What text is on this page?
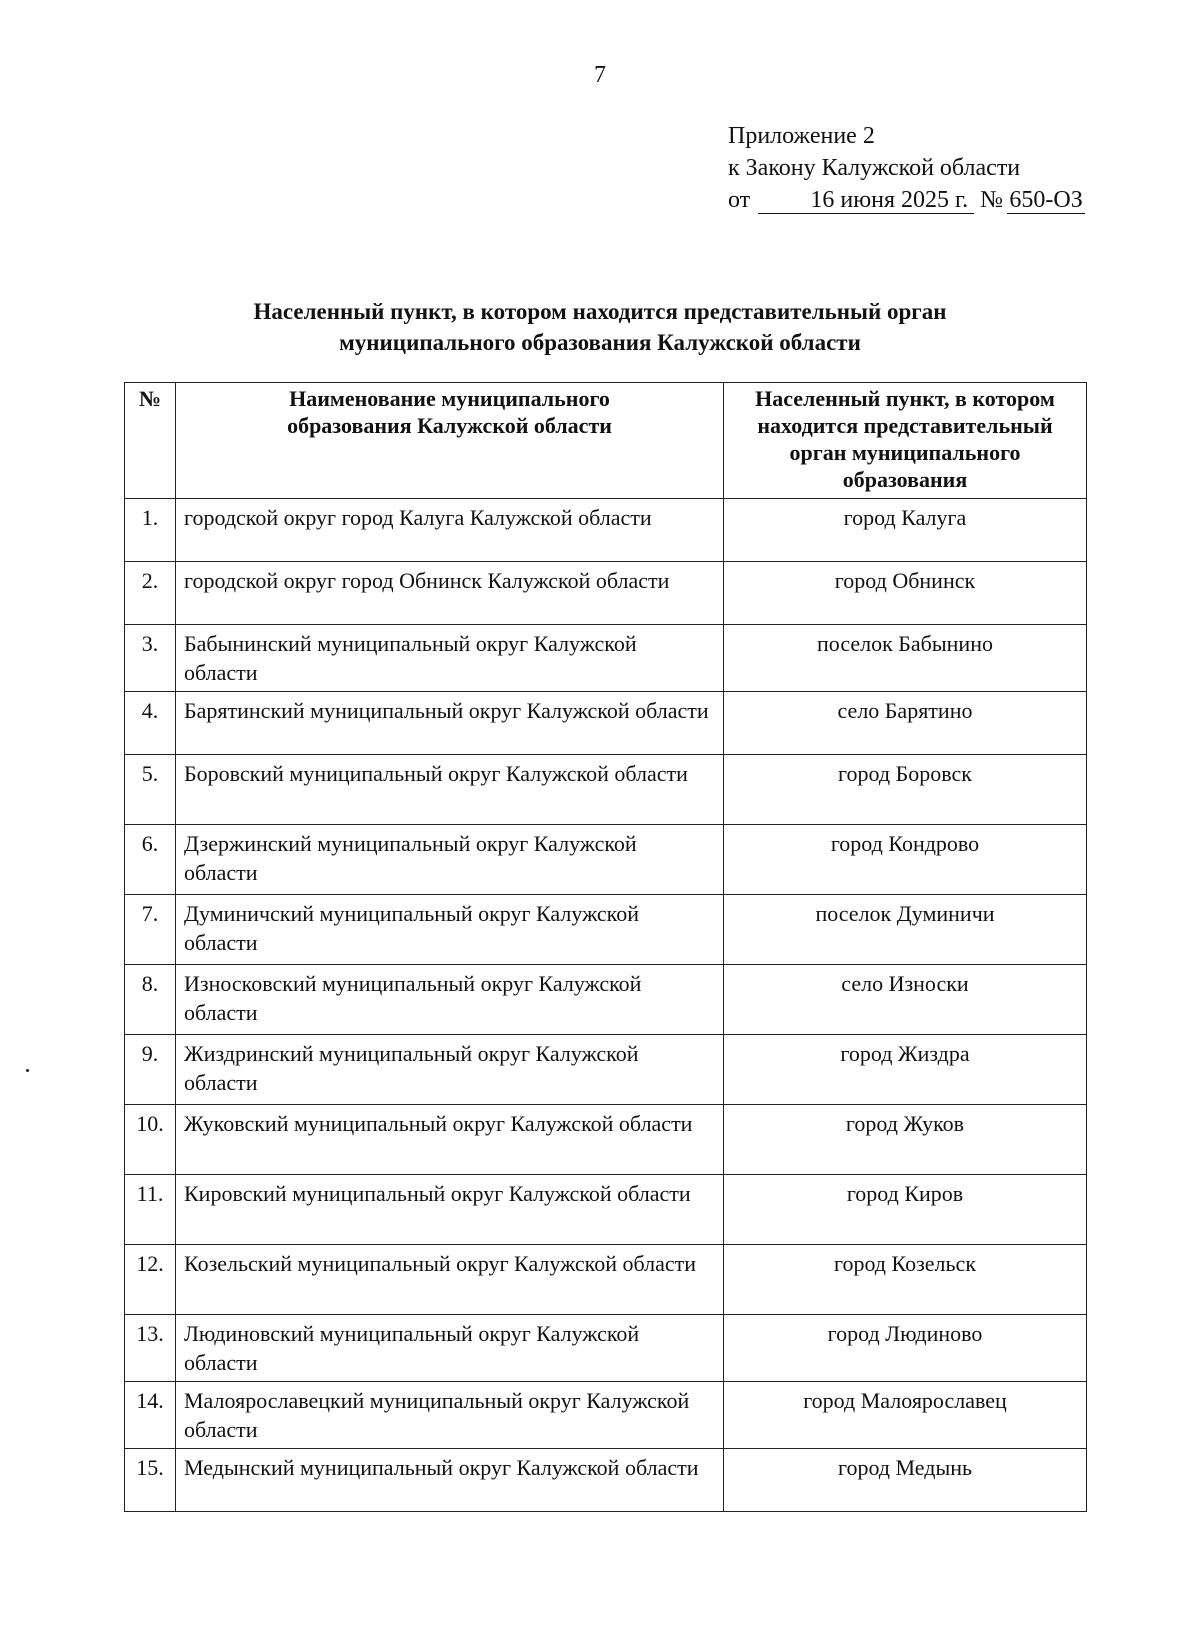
7
Приложение 2
к Закону Калужской области
от	16 июня 2025 г. № 650-ОЗ
Населенный пункт, в котором находится представительный орган
муниципального образования Калужской области
№	Наименование муниципального образования Калужской области	Населенный пункт, в котором находится представительный орган муниципального образования
1.	городской округ город Калуга Калужской области	город Калуга
2.	городской округ город Обнинск Калужской области	город Обнинск
3.	Бабынинский муниципальный округ Калужской области	поселок Бабынино
4.	Барятинский муниципальный округ Калужской области	село Барятино
5.	Боровский муниципальный округ Калужской области	город Боровск
6.	Дзержинский муниципальный округ Калужской области	город Кондрово
7.	Думиничский муниципальный округ Калужской области	поселок Думиничи
8.	Износковский муниципальный округ Калужской области	село Износки
9.	Жиздринский муниципальный округ Калужской области	город Жиздра
10.	Жуковский муниципальный округ Калужской области	город Жуков
11.	Кировский муниципальный округ Калужской области	город Киров
12.	Козельский муниципальный округ Калужской области	город Козельск
13.	Людиновский муниципальный округ Калужской области	город Людиново
14.	Малоярославецкий муниципальный округ Калужской области	город Малоярославец
15.	Медынский муниципальный округ Калужской области	город Медынь
